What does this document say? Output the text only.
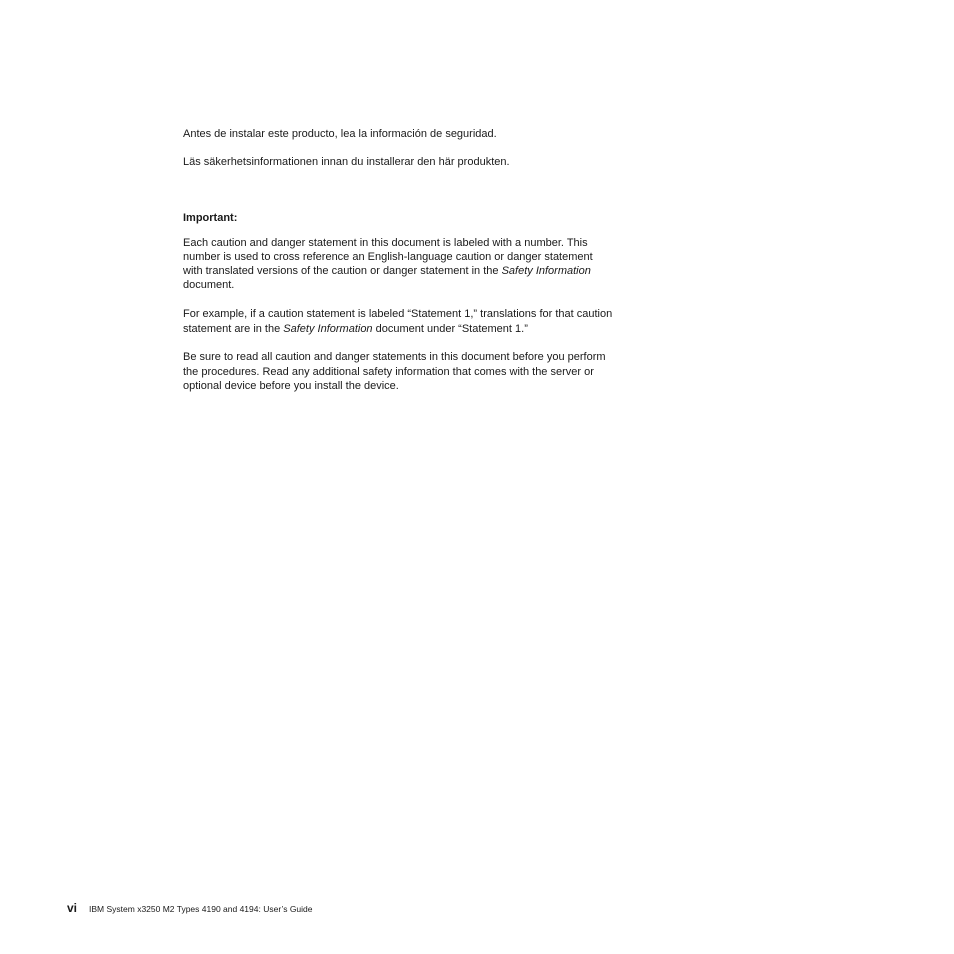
Antes de instalar este producto, lea la información de seguridad.

Läs säkerhetsinformationen innan du installerar den här produkten.

Important:

Each caution and danger statement in this document is labeled with a number. This number is used to cross reference an English-language caution or danger statement with translated versions of the caution or danger statement in the Safety Information document.

For example, if a caution statement is labeled “Statement 1,” translations for that caution statement are in the Safety Information document under “Statement 1.”

Be sure to read all caution and danger statements in this document before you perform the procedures. Read any additional safety information that comes with the server or optional device before you install the device.

vi IBM System x3250 M2 Types 4190 and 4194: User’s Guide
